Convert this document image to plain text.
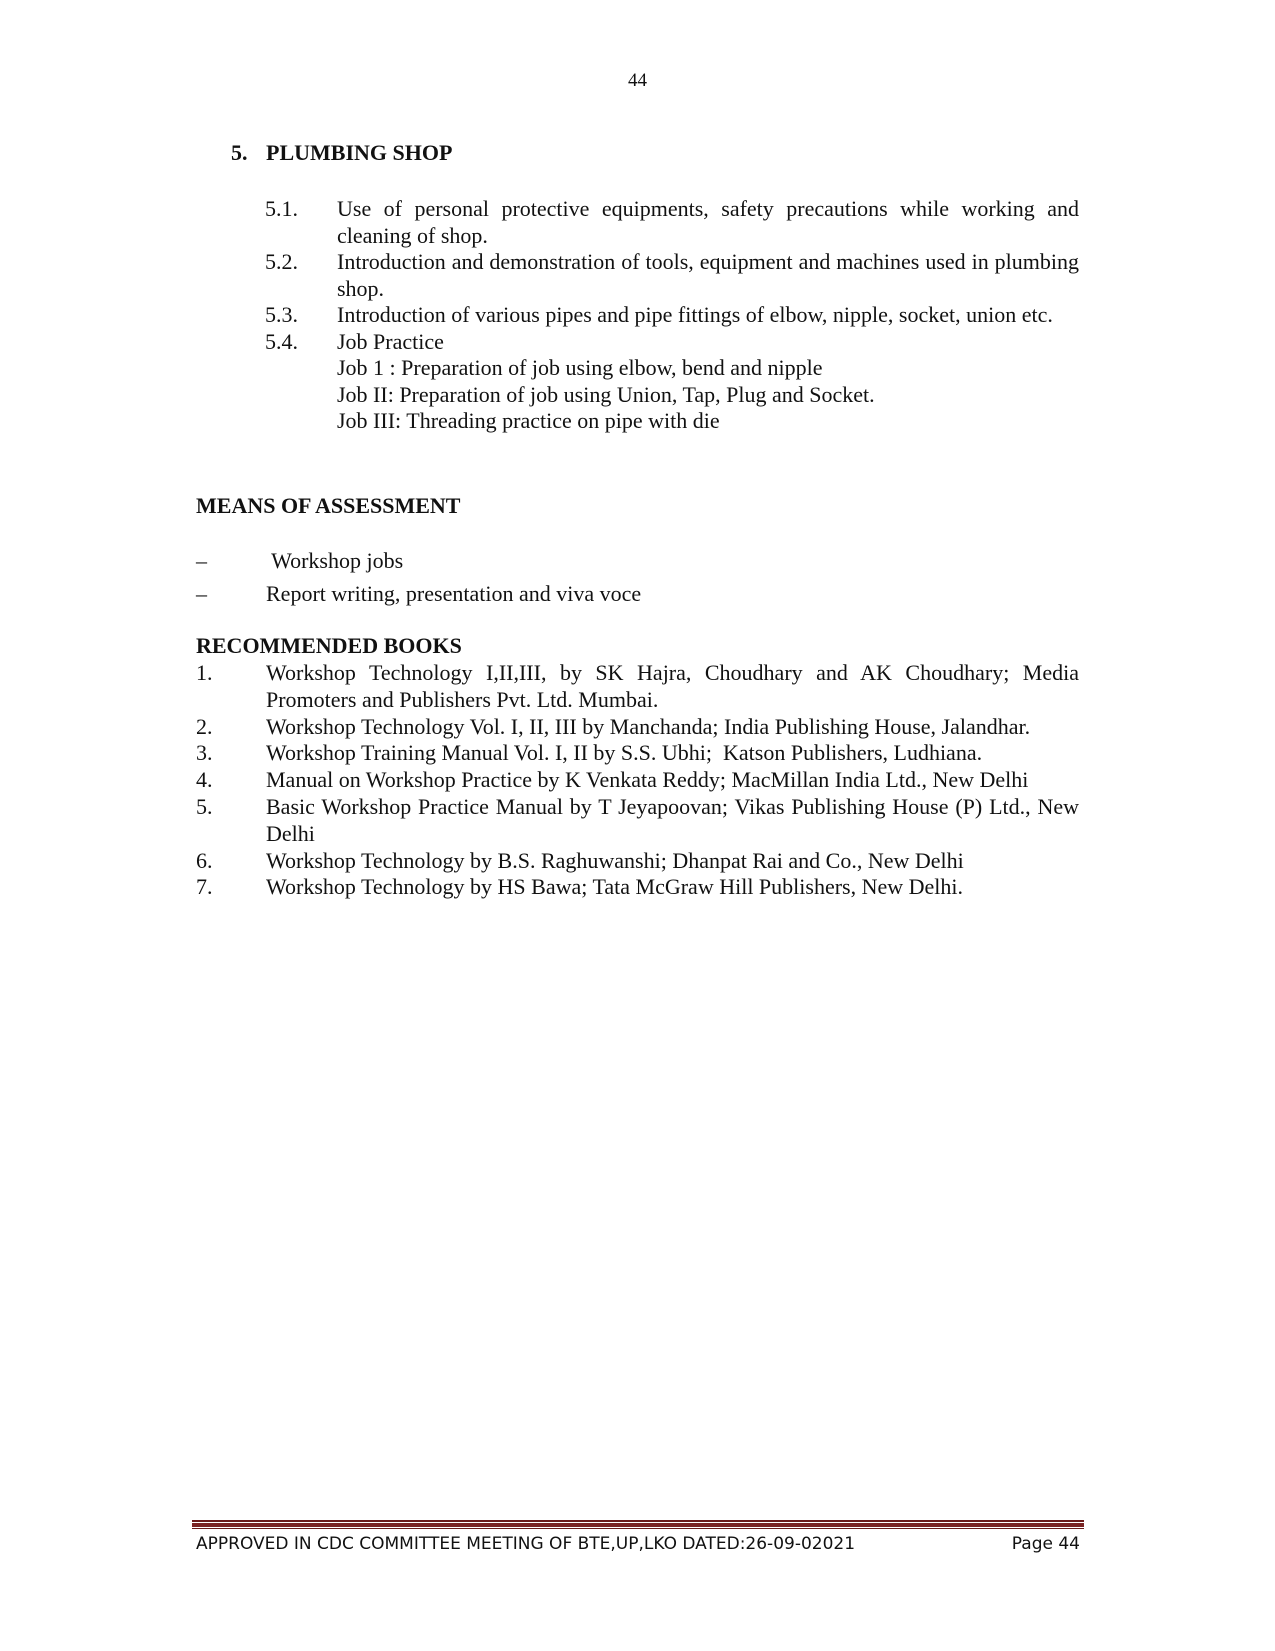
44
5. PLUMBING SHOP
5.1.	Use of personal protective equipments, safety precautions while working and cleaning of shop.
5.2.	Introduction and demonstration of tools, equipment and machines used in plumbing shop.
5.3.	Introduction of various pipes and pipe fittings of elbow, nipple, socket, union etc.
5.4.	Job Practice
Job 1 : Preparation of job using elbow, bend and nipple
Job II: Preparation of job using Union, Tap, Plug and Socket.
Job III: Threading practice on pipe with die
MEANS OF ASSESSMENT
–	Workshop jobs
–	Report writing, presentation and viva voce
RECOMMENDED BOOKS
1.	Workshop Technology I,II,III, by SK Hajra, Choudhary and AK Choudhary; Media Promoters and Publishers Pvt. Ltd. Mumbai.
2.	Workshop Technology Vol. I, II, III by Manchanda; India Publishing House, Jalandhar.
3.	Workshop Training Manual Vol. I, II by S.S. Ubhi;  Katson Publishers, Ludhiana.
4.	Manual on Workshop Practice by K Venkata Reddy; MacMillan India Ltd., New Delhi
5.	Basic Workshop Practice Manual by T Jeyapoovan; Vikas Publishing House (P) Ltd., New Delhi
6.	Workshop Technology by B.S. Raghuwanshi; Dhanpat Rai and Co., New Delhi
7.	Workshop Technology by HS Bawa; Tata McGraw Hill Publishers, New Delhi.
APPROVED IN CDC COMMITTEE MEETING OF BTE,UP,LKO DATED:26-09-02021	Page 44
